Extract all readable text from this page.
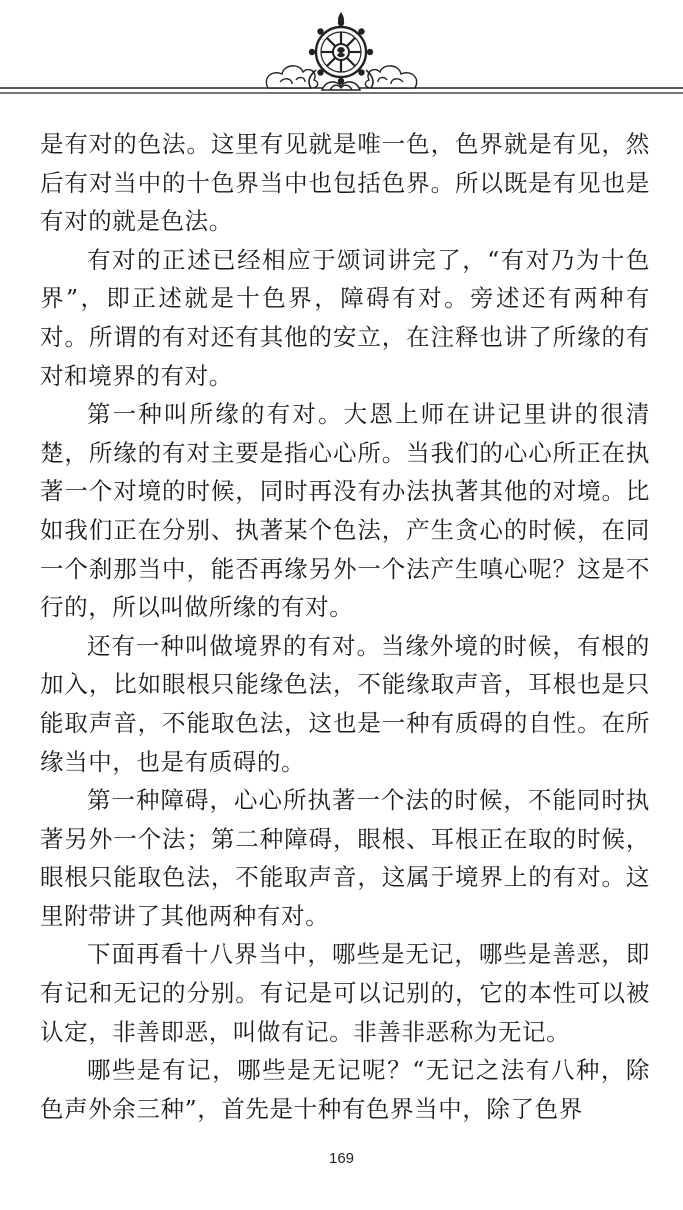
是有对的色法。这里有见就是唯一色，色界就是有见，然后有对当中的十色界当中也包括色界。所以既是有见也是有对的就是色法。

有对的正述已经相应于颂词讲完了，“有对乃为十色界”，即正述就是十色界，障碍有对。旁述还有两种有对。所谓的有对还有其他的安立，在注释也讲了所缘的有对和境界的有对。

第一种叫所缘的有对。大恩上师在讲记里讲的很清楚，所缘的有对主要是指心心所。当我们的心心所正在执著一个对境的时候，同时再没有办法执著其他的对境。比如我们正在分别、执著某个色法，产生贪心的时候，在同一个刹那当中，能否再缘另外一个法产生嗔心呢？这是不行的，所以叫做所缘的有对。

还有一种叫做境界的有对。当缘外境的时候，有根的加入，比如眼根只能缘色法，不能缘取声音，耳根也是只能取声音，不能取色法，这也是一种有质碍的自性。在所缘当中，也是有质碍的。

第一种障碍，心心所执著一个法的时候，不能同时执著另外一个法；第二种障碍，眼根、耳根正在取的时候，眼根只能取色法，不能取声音，这属于境界上的有对。这里附带讲了其他两种有对。

下面再看十八界当中，哪些是无记，哪些是善恶，即有记和无记的分别。有记是可以记别的，它的本性可以被认定，非善即恶，叫做有记。非善非恶称为无记。

哪些是有记，哪些是无记呢？“无记之法有八种，除色声外余三种”，首先是十种有色界当中，除了色界

169
